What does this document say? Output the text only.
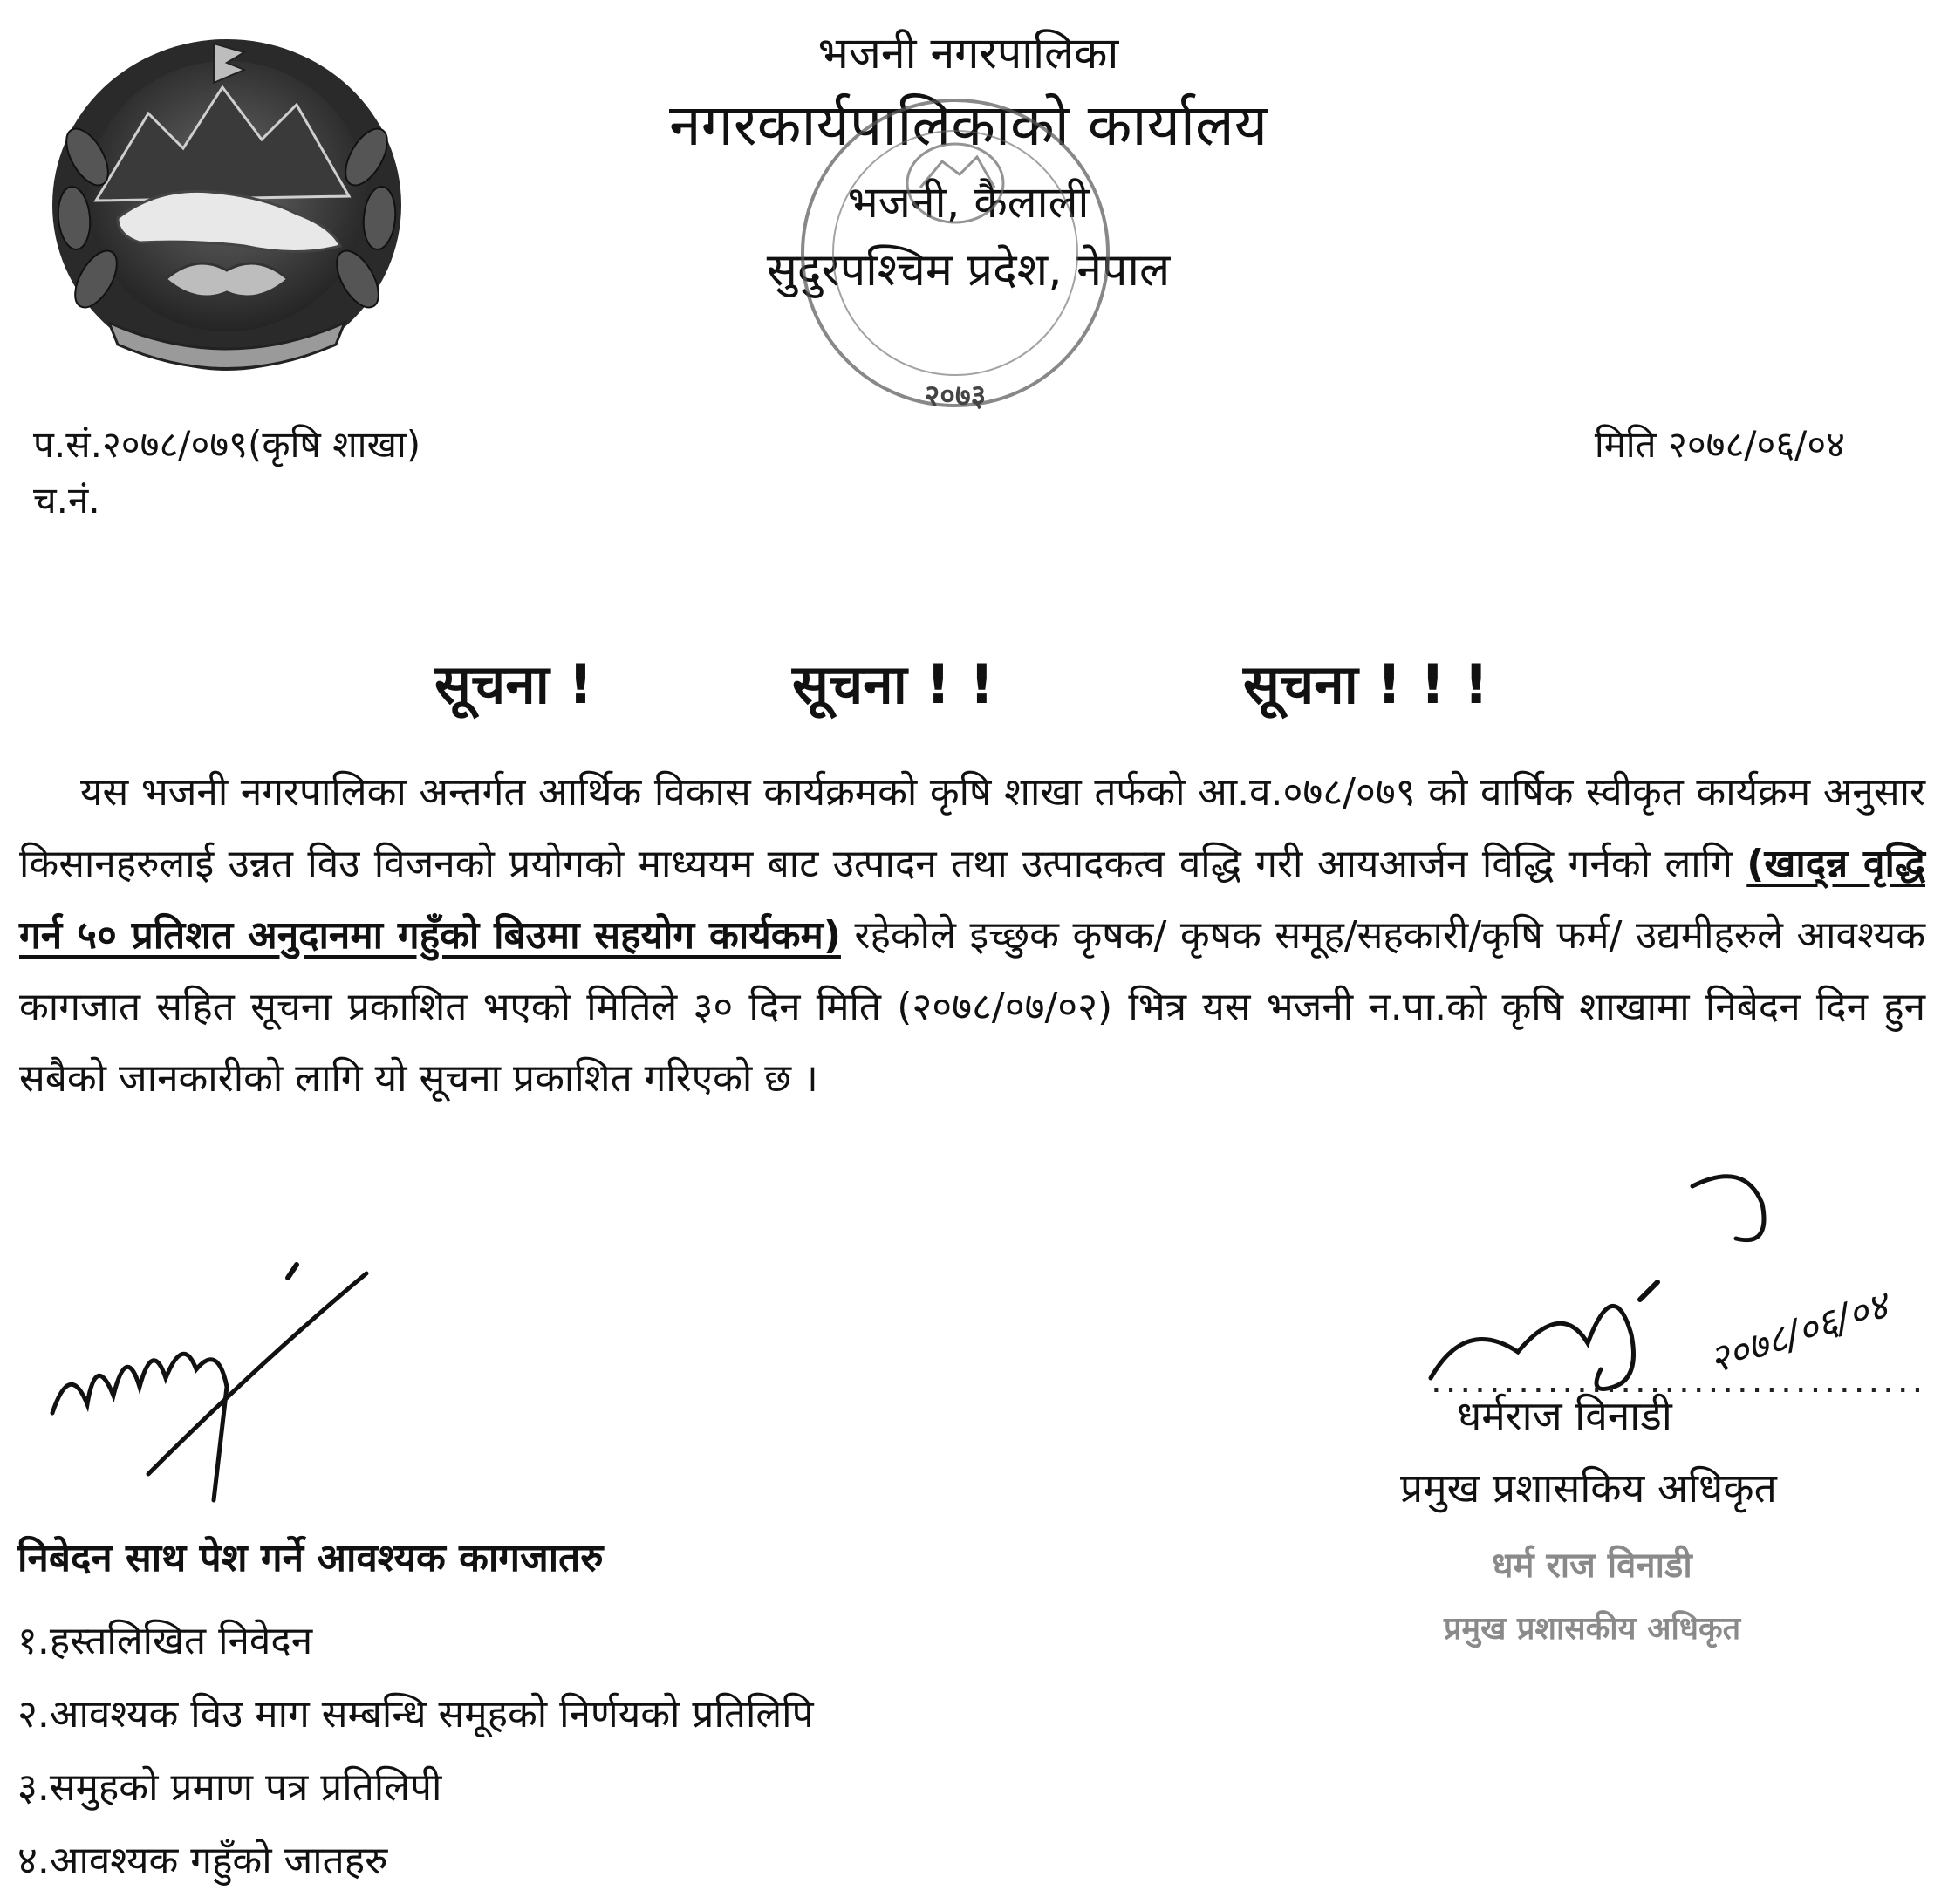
भजनी नगरपालिका
नगरकार्यपालिकाको कार्यालय
भजनी, कैलाली
सुदुरपश्चिम प्रदेश, नेपाल
२०७३
प.सं.२०७८/०७९(कृषि शाखा)
च.नं.
मिति २०७८/०६/०४
सूचना !	सूचना ! !	सूचना ! ! !
यस भजनी नगरपालिका अन्तर्गत आर्थिक विकास कार्यक्रमको कृषि शाखा तर्फको आ.व.०७८/०७९ को वार्षिक स्वीकृत कार्यक्रम अनुसार किसानहरुलाई उन्नत विउ विजनको प्रयोगको माध्ययम बाट उत्पादन तथा उत्पादकत्व वद्धि गरी आयआर्जन विद्धि गर्नको लागि (खाद्न्न वृद्धि गर्न ५० प्रतिशत अनुदानमा गहुँको बिउमा सहयोग कार्यकम) रहेकोले इच्छुक कृषक/ कृषक समूह/सहकारी/कृषि फर्म/ उद्यमीहरुले आवश्यक कागजात सहित सूचना प्रकाशित भएको मितिले ३० दिन मिति (२०७८/०७/०२) भित्र यस भजनी न.पा.को कृषि शाखामा निबेदन दिन हुन सबैको जानकारीको लागि यो सूचना प्रकाशित गरिएको छ ।
२०७८/०६/०४
..................................
धर्मराज विनाडी
प्रमुख प्रशासकिय अधिकृत
धर्म राज विनाडी
प्रमुख प्रशासकीय अधिकृत
निबेदन साथ पेश गर्ने आवश्यक कागजातरु
१.हस्तलिखित निवेदन
२.आवश्यक विउ माग सम्बन्धि समूहको निर्णयको प्रतिलिपि
३.समुहको प्रमाण पत्र प्रतिलिपी
४.आवश्यक गहुँको जातहरु
